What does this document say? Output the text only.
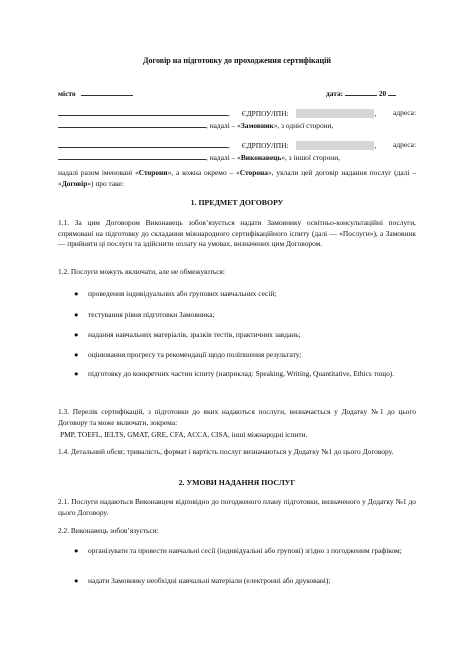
Договір на підготовку до проходження сертифікацій
місто	дата:	20
, ЄДРПОУ/ІПН:	, адреса:
, надалі – «Замовник», з однієї сторони,
, ЄДРПОУ/ІПН:	, адреса:
, надалі – «Виконавець», з іншої сторони,
надалі разом іменовані «Сторони», а кожна окремо – «Сторона», уклали цей договір надання послуг (далі – «Договір») про таке:
1. ПРЕДМЕТ ДОГОВОРУ
1.1. За цим Договором Виконавець зобов’язується надати Замовнику освітньо-консультаційні послуги, спрямовані на підготовку до складання міжнародного сертифікаційного іспиту (далі — «Послуги»), а Замовник — прийняти ці послуги та здійснити оплату на умовах, визначених цим Договором.
1.2. Послуги можуть включати, але не обмежуються:
● проведення індивідуальних або групових навчальних сесій;
● тестування рівня підготовки Замовника;
● надання навчальних матеріалів, зразків тестів, практичних завдань;
● оцінювання прогресу та рекомендації щодо поліпшення результату;
● підготовку до конкретних частин іспиту (наприклад: Speaking, Writing, Quantitative, Ethics тощо).
1.3. Перелік сертифікацій, з підготовки до яких надаються послуги, визначається у Додатку №1 до цього Договору та може включати, зокрема:
PMP, TOEFL, IELTS, GMAT, GRE, CFA, ACCA, CISA, інші міжнародні іспити.
1.4. Детальний обсяг, тривалість, формат і вартість послуг визначаються у Додатку №1 до цього Договору.
2. УМОВИ НАДАННЯ ПОСЛУГ
2.1. Послуги надаються Виконавцем відповідно до погодженого плану підготовки, визначеного у Додатку №1 до цього Договору.
2.2. Виконавець зобов’язується:
● організувати та провести навчальні сесії (індивідуальні або групові) згідно з погодженим графіком;
● надати Замовнику необхідні навчальні матеріали (електронні або друковані);
